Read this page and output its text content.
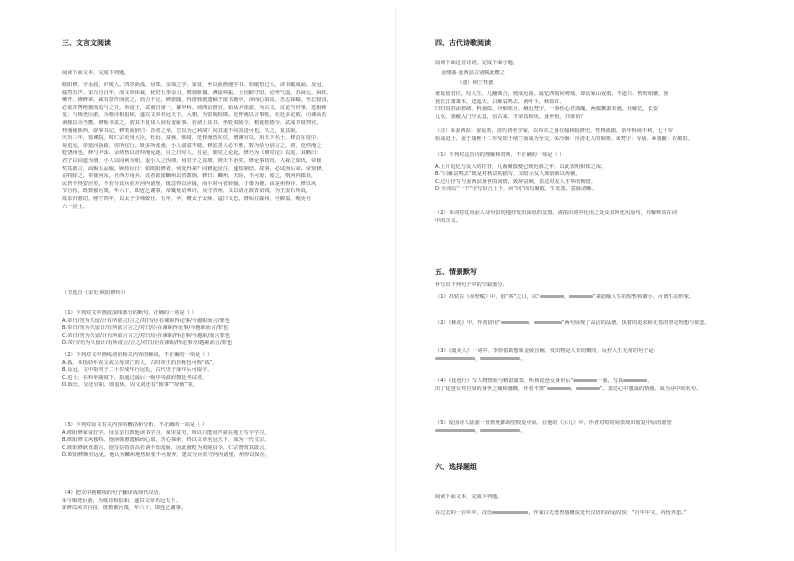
三、文言文阅读
阅读下面文本，完成下列题。
欧阳修，字永叔，庐陵人。四岁而孤，母郑，亲诲之学，家贫，至以荻画地学书。幼敏悟过人，读书辄成诵。及冠，
嶷然有声。宋兴且百年，而文章体裁，犹仍五季余习。锼刻骈偶，淟涊弗振，士因陋守旧，论卑气弱。苏舜元、舜钦、
柳开、穆修辈，咸有意作而张之，而力不足。修游随，得唐韩愈遗稿于废书簏中，读而心慕焉。苦志探赜，至忘寝食，
必欲并辔绝驰而追与之并。举进士，试南宫第一，擢甲科。调西京推官。始从尹洙游，为古文，议论当世事，迭相师
友；与梅尧臣游，为歌诗相倡和，遂以文章名冠天下。入朝，为馆阁校勘。范仲淹以言事贬，在廷多论救，司谏高若
讷独以为当黜。修贻书责之，谓其不复知人间有羞耻事。若讷上其书，坐贬夷陵令，稍徙乾德令、武成节度判官。
仲淹使陕西，辟掌书记。修笑而辞曰：昔者之举，岂以为己利哉？同其退不同其进可也。久之，复其职。
庆历三年，知谏院。时仁宗更用大臣，杜衍、富弼、韩琦、范仲淹皆在位，增谏官员，用天下名士，修首在选中。
每进见，帝延问执政，咨所宜行。既多所张弛，小人翕翕不便。修虑善人必不胜，数为帝分别言之。初，范仲淹之
贬饶州也，修与尹洙、余靖皆以直仲淹见逐，目之曰党人。自是，朋党之论起，修乃为《朋党论》以进。其略曰：
君子以同道为朋，小人以同利为朋。退小人之伪朋，用君子之真朋，则天下治矣。修论事切直，人视之如仇，帝独
奖其敢言，面赐五品服。顾侍臣曰：如欧阳修者，何处得来？同修起居注，遂知制诰。故事，必试而后命，帝知修，
诏特除之。奉使河东。自西方用兵，议者欲废麟州以省馈饷。修曰：麟州，天险，不可废；废之，则河内郡县，
民皆不得安居矣。不若分其兵驻并河内诸堡，缓急得以应援，而平时可省转输，于策为便。由是州得存。修以风
节自持，既数被污蔑，年六十，即连乞谢事，帝辄优诏弗许。及守青州，又以请止散青苗钱，为王安石所诋，
故求归愈切。熙宁四年，以太子少师致仕。五年，卒，赠太子太师，谥曰文忠。修始在滁州，号醉翁，晚更号
六一居士。
（节选自《宋史·欧阳修传》）
（1）下列对文中画波浪线部分的断句，正确的一项是（ ）
A.帝曰/勿为久留/计有所欲言/言之/对曰/臣在谏职得论事/今越职而言/罪也
B.帝曰/勿为久留计/有所欲言言之/对曰/臣在谏职得论事/今越职而言/罪也
C.帝曰/勿为久留/计有所欲言言之/对曰/臣在谏职/得论事/今越职/而言罪也
D.帝曰/勿为久留计/有所欲言/言之/对曰/臣在谏职/得论事今/越职而言/罪也
（2）下列对文中画线词语相关内容的解说，不正确的一项是（ ）
A.孤，本指幼年丧父或父母双亡的人，古时帝王的自称也可称“孤”。
B.及冠，文中指男子二十岁成年行冠礼，古代男子成年后可取字。
C.进士，在科举制度下，指通过最后一级中央政府朝廷考试者。
D.致仕，交还官职，即退休。周文词还有“致事”“辞致”等。
（3）下列对原文有关内容的概括和分析，不正确的一项是（ ）
A.欧阳修家贫好学。母亲亲自教他读书学习，家里贫穷，所以只能用芦荻在地上写字学习。
B.欧阳修文风独特。他读韩愈遗稿而心慕，苦心探索，终以文章名冠天下，成为一代文宗。
C.欧阳修耿直敢言。他写信指责高若讷不知羞耻，因此被贬为夷陵县令，仁宗赞赏其敢言。
D.欧阳修颇有远见。他认为麟州地势险要不可废弃，建议分兵驻守河内诸堡，州得以保存。
（4）把文中画横线的句子翻译成现代汉语。
①与梅尧臣游，为歌诗相倡和，遂以文章名冠天下。
②修以风节自持，既数被污蔑，年六十，即连乞谢事。
四、古代诗歌阅读
阅读下面这首诗词，完成下面小题。
金缕曲·姜西溟言别赋此赠之
（清）纳兰性德
谁复留君住。叹人生、几翻离合，便成迟暮。最忆西窗同剪烛，却话家山夜雨。不道只、暂时相聚。衮
衮长江萧萧木，送遥天、白雁哀鸣去。黄叶下，秋如许。
曰归因甚添愁绪。料强似、冷烟寒月，栖迟梵宇。一事伤心君落魄，两鬓飘萧未遇。有解忆、长安
儿女。裘敝入门空太息，信古来、才命真相负。身世恨，共谁语？
（注）①姜西溟：姜宸英，清代初名学家，以布衣之身在翰林院修史，性格孤傲，常年科场不利，七十岁
始成进士，姜于康熙十二年受知于纳兰而成为至交。②冷烟：冷清无人的烟雾。③梵宇：寺庙。④裘敝：衣破旧。
（1）下列对这首诗的理解和赏析，不正确的一项是（ ）
A.上片追忆与友人的往昔，几番聚散便已到迟暮之年，以此表明相知之深。
B.“白雁哀鸣去”既是对秋景的描写，又暗示友人离别难以再聚。
C.过片抒写与姜西溟身世的同情，致辞哀婉，表达对友人才华的惋惜。
D.全词以“一个”字写恰合上下，回“问”而有聚散、生发怨，意脉清晰。
（2）本词对仗用前人诗句恰切地抒发出深厚的友情。请指出词中化用之处及其所化用原句，并解释其在词
中的含义。
五、情景默写
补写出下列句子中的空缺部分。
（1）苏轼在《赤壁赋》中，借“客”之口，以“	，	”来隐喻人生的短暂和渺小，可谓生动形象。
（2）《桃花》中，作者借用“	，	”两句展现了高洁的品德，执着的追求和无畏的坚定理想与依恋。
（3）《虞美人》一词中，李煜借助想象金陵宫阙，发出物是人非的慨叹，反衬人生无常的句子是：
，	。
（4）《琵琶行》写人物情状与精湛演奏，听到琵琶女身世后“	一曲，写真	，
出了琵琶女对自身的身世之痛和感慨，作者不禁“	，	”。表达心中激荡的情感，成为诗中的名句。
（5）爱国诗人陆游一直到死都渴望收复中原，在他的《示儿》中，作者对短时间表现出收复中原的愿望
，	。
六、选择题组
阅读下面文本，完成下列题。
在过去的一百年中，汉语	。作家白先勇曾感慨说近代汉语的命运时说：“百年中文，内忧外患。”
